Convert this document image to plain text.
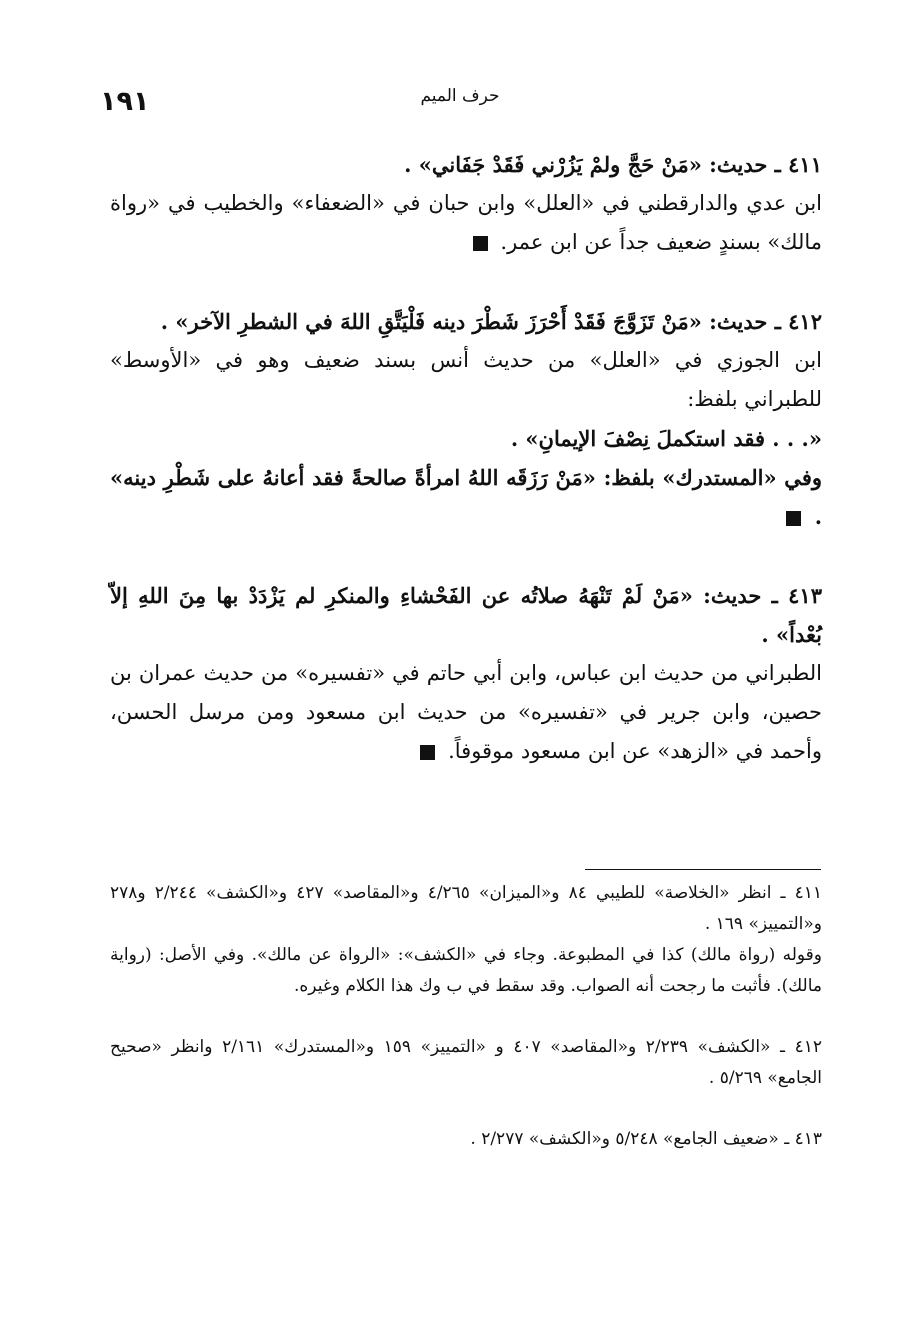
١٩١	حرف الميم

٤١١ ـ حديث: «مَنْ حَجَّ ولمْ يَزُرْني فَقَدْ جَفَاني» .

ابن عدي والدارقطني في «العلل» وابن حبان في «الضعفاء» والخطيب في «رواة مالك» بسندٍ ضعيف جداً عن ابن عمر.

٤١٢ ـ حديث: «مَنْ تَزَوَّجَ فَقَدْ أَحْرَزَ شَطْرَ دينه فَلْيَتَّقِ اللهَ في الشطرِ الآخر» .

ابن الجوزي في «العلل» من حديث أنس بسند ضعيف وهو في «الأوسط» للطبراني بلفظ:

«. . . فقد استكملَ نِصْفَ الإيمانِ» .

وفي «المستدرك» بلفظ: «مَنْ رَزَقَه اللهُ امرأةً صالحةً فقد أعانهُ على شَطْرِ دينه» .

٤١٣ ـ حديث: «مَنْ لَمْ تَنْهَهُ صلاتُه عن الفَحْشاءِ والمنكرِ لم يَزْدَدْ بها مِنَ اللهِ إلاّ بُعْداً» .

الطبراني من حديث ابن عباس، وابن أبي حاتم في «تفسيره» من حديث عمران بن حصين، وابن جرير في «تفسيره» من حديث ابن مسعود ومن مرسل الحسن، وأحمد في «الزهد» عن ابن مسعود موقوفاً.

٤١١ ـ انظر «الخلاصة» للطيبي ٨٤ و«الميزان» ٤/٢٦٥ و«المقاصد» ٤٢٧ و«الكشف» ٢/٢٤٤ و٢٧٨ و«التمييز» ١٦٩ .

وقوله (رواة مالك) كذا في المطبوعة. وجاء في «الكشف»: «الرواة عن مالك». وفي الأصل: (رواية مالك). فأثبت ما رجحت أنه الصواب. وقد سقط في ب وك هذا الكلام وغيره.

٤١٢ ـ «الكشف» ٢/٢٣٩ و«المقاصد» ٤٠٧ و «التمييز» ١٥٩ و«المستدرك» ٢/١٦١ وانظر «صحيح الجامع» ٥/٢٦٩ .

٤١٣ ـ «ضعيف الجامع» ٥/٢٤٨ و«الكشف» ٢/٢٧٧ .
